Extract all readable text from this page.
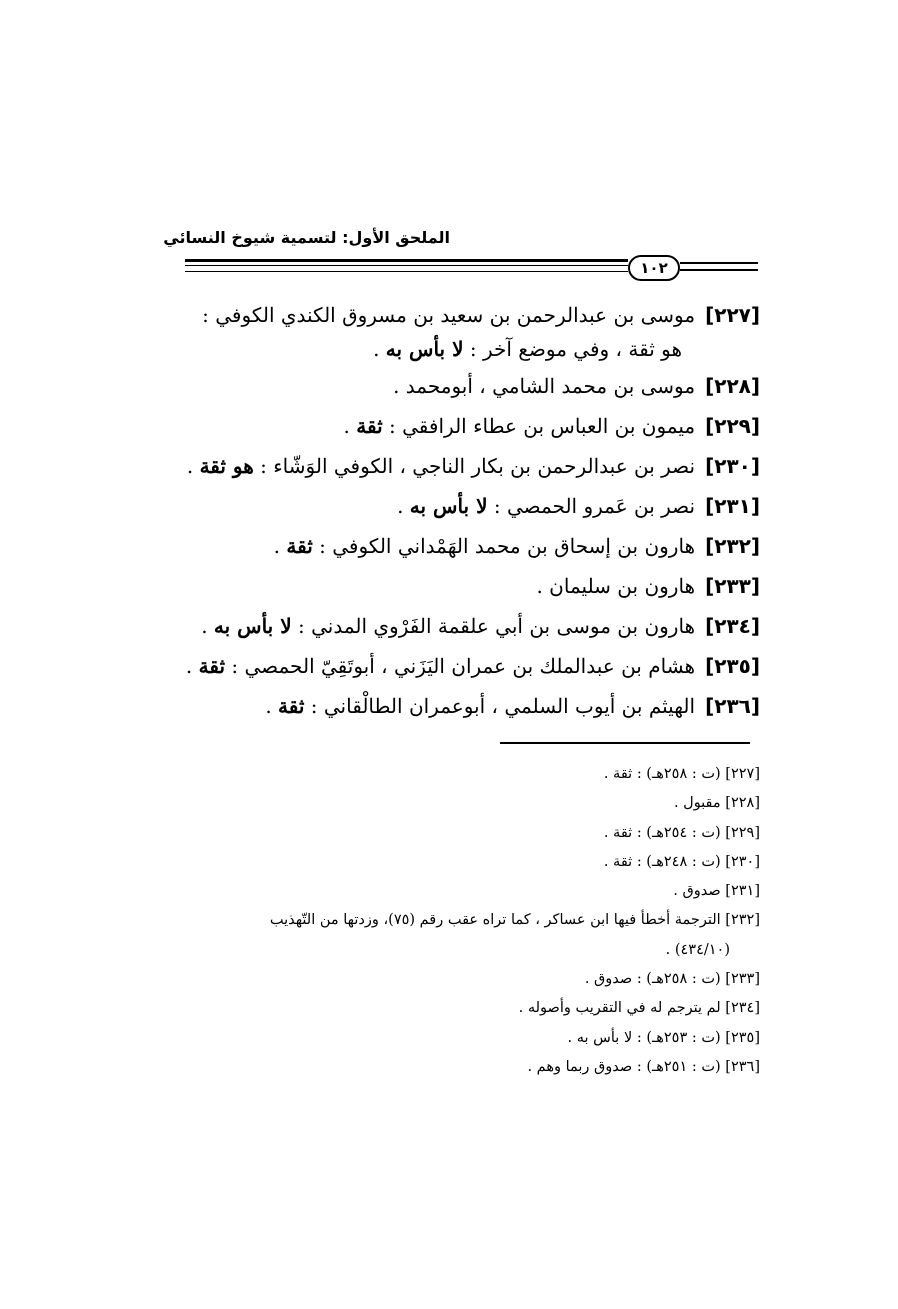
الملحق الأول: لتسمية شيوخ النسائي
١٠٢
[٢٢٧]موسى بن عبدالرحمن بن سعيد بن مسروق الكندي الكوفي :
هو ثقة ، وفي موضع آخر : لا بأس به .
[٢٢٨]موسى بن محمد الشامي ، أبومحمد .
[٢٢٩]ميمون بن العباس بن عطاء الرافقي : ثقة .
[٢٣٠]نصر بن عبدالرحمن بن بكار الناجي ، الكوفي الوَشّاء : هو ثقة .
[٢٣١]نصر بن عَمرو الحمصي : لا بأس به .
[٢٣٢]هارون بن إسحاق بن محمد الهَمْداني الكوفي : ثقة .
[٢٣٣]هارون بن سليمان .
[٢٣٤]هارون بن موسى بن أبي علقمة الفَرْوي المدني : لا بأس به .
[٢٣٥]هشام بن عبدالملك بن عمران اليَزَني ، أبوتَقِيّ الحمصي : ثقة .
[٢٣٦]الهيثم بن أيوب السلمي ، أبوعمران الطالْقاني : ثقة .
[٢٢٧] (ت : ٢٥٨هـ) : ثقة .
[٢٢٨] مقبول .
[٢٢٩] (ت : ٢٥٤هـ) : ثقة .
[٢٣٠] (ت : ٢٤٨هـ) : ثقة .
[٢٣١] صدوق .
[٢٣٢] الترجمة أخطأ فيها ابن عساكر ، كما تراه عقب رقم (٧٥)، وزدتها من التّهذيب
(٤٣٤/١٠) .
[٢٣٣] (ت : ٢٥٨هـ) : صدوق .
[٢٣٤] لم يترجم له في التقريب وأصوله .
[٢٣٥] (ت : ٢٥٣هـ) : لا بأس به .
[٢٣٦] (ت : ٢٥١هـ) : صدوق ربما وهم .
